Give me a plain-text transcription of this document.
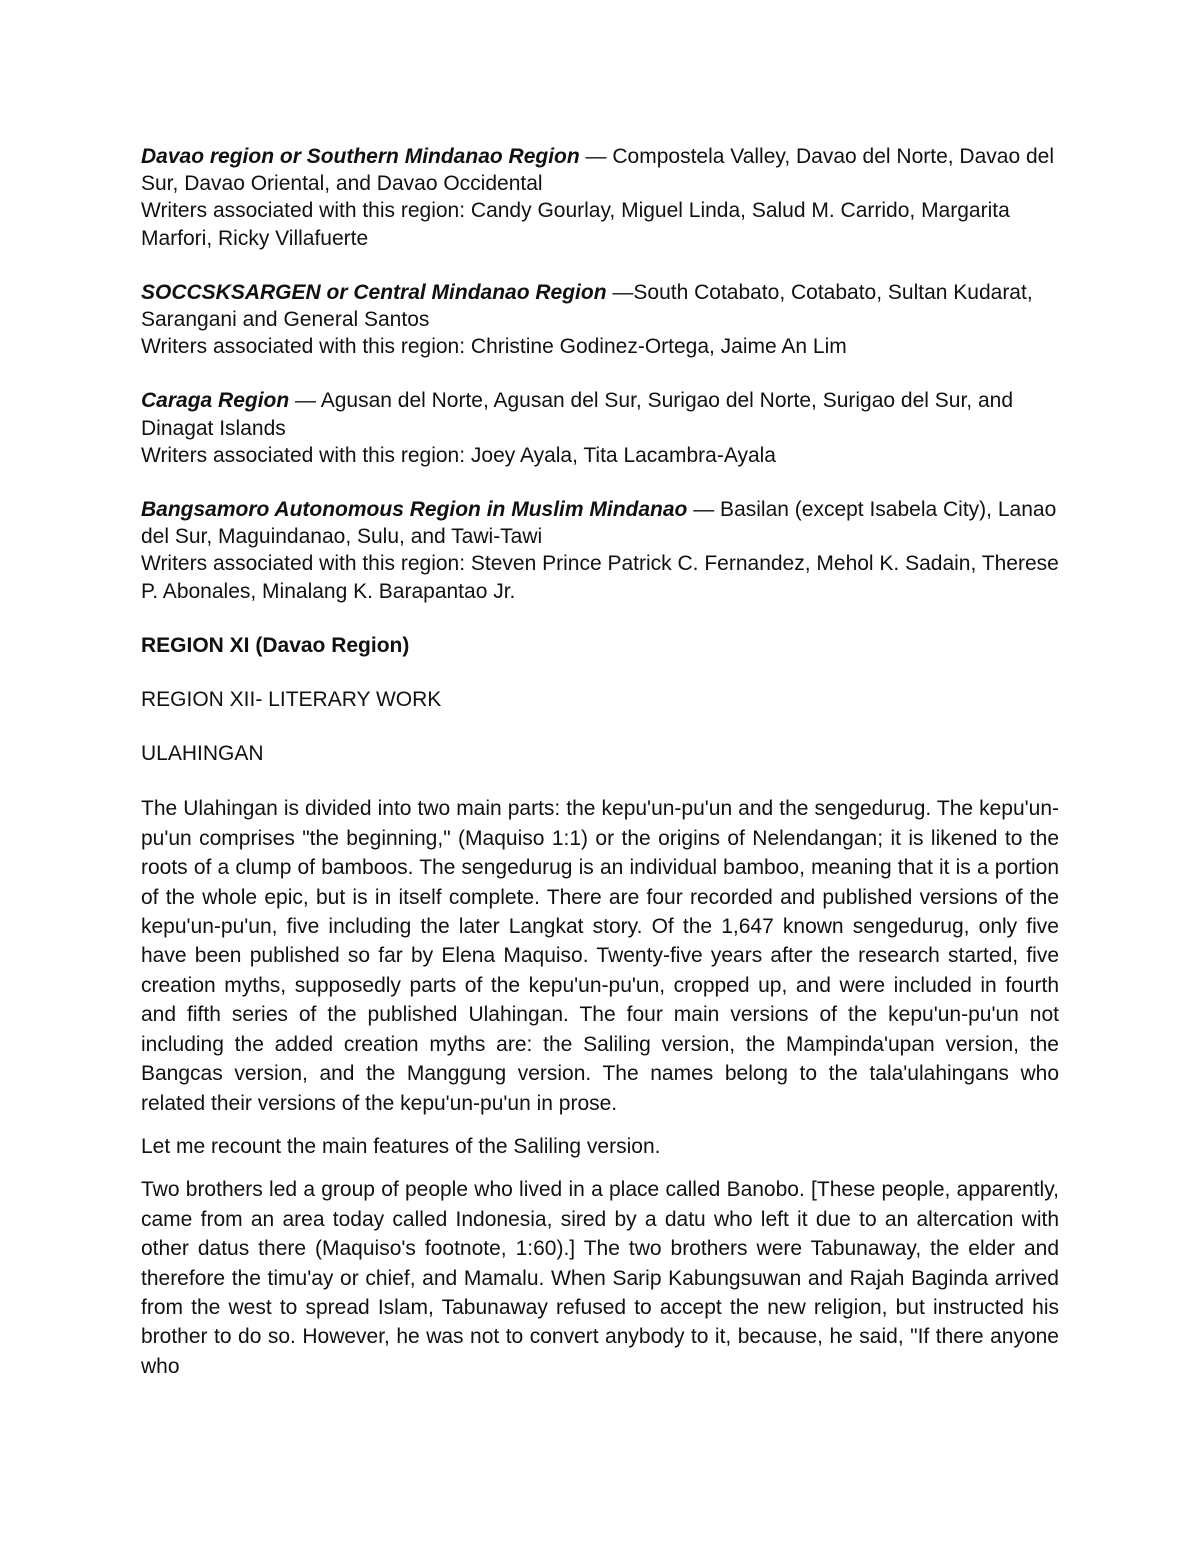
Davao region or Southern Mindanao Region — Compostela Valley, Davao del Norte, Davao del Sur, Davao Oriental, and Davao Occidental

Writers associated with this region: Candy Gourlay, Miguel Linda, Salud M. Carrido, Margarita Marfori, Ricky Villafuerte

SOCCSKSARGEN or Central Mindanao Region —South Cotabato, Cotabato, Sultan Kudarat, Sarangani and General Santos

Writers associated with this region: Christine Godinez-Ortega, Jaime An Lim

Caraga Region — Agusan del Norte, Agusan del Sur, Surigao del Norte, Surigao del Sur, and Dinagat Islands

Writers associated with this region: Joey Ayala, Tita Lacambra-Ayala

Bangsamoro Autonomous Region in Muslim Mindanao — Basilan (except Isabela City), Lanao del Sur, Maguindanao, Sulu, and Tawi-Tawi

Writers associated with this region: Steven Prince Patrick C. Fernandez, Mehol K. Sadain, Therese P. Abonales, Minalang K. Barapantao Jr.

REGION XI (Davao Region)

REGION XII- LITERARY WORK

ULAHINGAN

The Ulahingan is divided into two main parts: the kepu'un-pu'un and the sengedurug. The kepu'un-pu'un comprises "the beginning," (Maquiso 1:1) or the origins of Nelendangan; it is likened to the roots of a clump of bamboos. The sengedurug is an individual bamboo, meaning that it is a portion of the whole epic, but is in itself complete. There are four recorded and published versions of the kepu'un-pu'un, five including the later Langkat story. Of the 1,647 known sengedurug, only five have been published so far by Elena Maquiso. Twenty-five years after the research started, five creation myths, supposedly parts of the kepu'un-pu'un, cropped up, and were included in fourth and fifth series of the published Ulahingan. The four main versions of the kepu'un-pu'un not including the added creation myths are: the Saliling version, the Mampinda'upan version, the Bangcas version, and the Manggung version. The names belong to the tala'ulahingans who related their versions of the kepu'un-pu'un in prose.

Let me recount the main features of the Saliling version.

Two brothers led a group of people who lived in a place called Banobo. [These people, apparently, came from an area today called Indonesia, sired by a datu who left it due to an altercation with other datus there (Maquiso's footnote, 1:60).] The two brothers were Tabunaway, the elder and therefore the timu'ay or chief, and Mamalu. When Sarip Kabungsuwan and Rajah Baginda arrived from the west to spread Islam, Tabunaway refused to accept the new religion, but instructed his brother to do so. However, he was not to convert anybody to it, because, he said, "If there anyone who
